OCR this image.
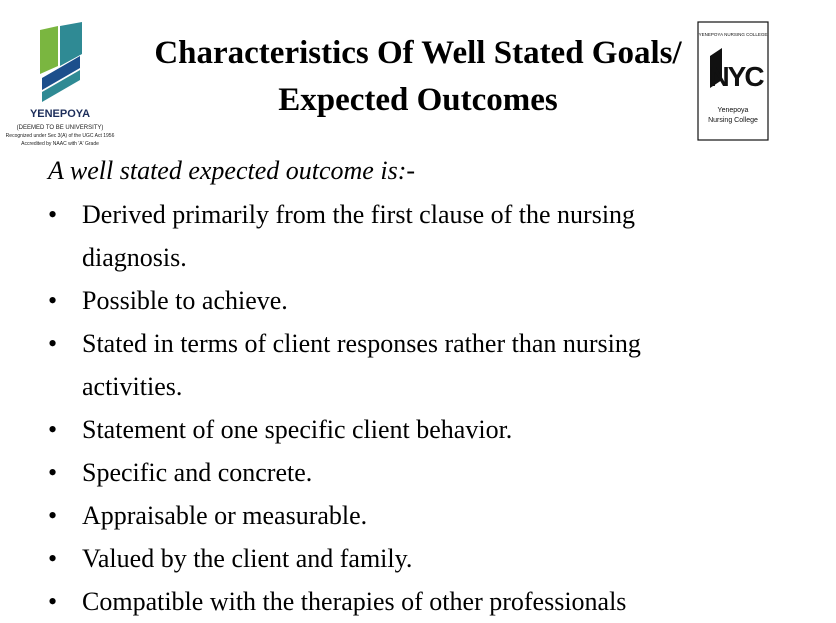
YENEPOYA
(DEEMED TO BE UNIVERSITY)
Recognized under Sec 3(A) of the UGC Act 1956
Accredited by NAAC with 'A' Grade
YENEPOYA NURSING COLLEGE
NYC
Yenepoya
Nursing College
Characteristics Of Well Stated Goals/
Expected Outcomes
A well stated expected outcome is:-
• Derived primarily from the first clause of the nursing
diagnosis.
• Possible to achieve.
• Stated in terms of client responses rather than nursing
activities.
• Statement of one specific client behavior.
• Specific and concrete.
• Appraisable or measurable.
• Valued by the client and family.
• Compatible with the therapies of other professionals
